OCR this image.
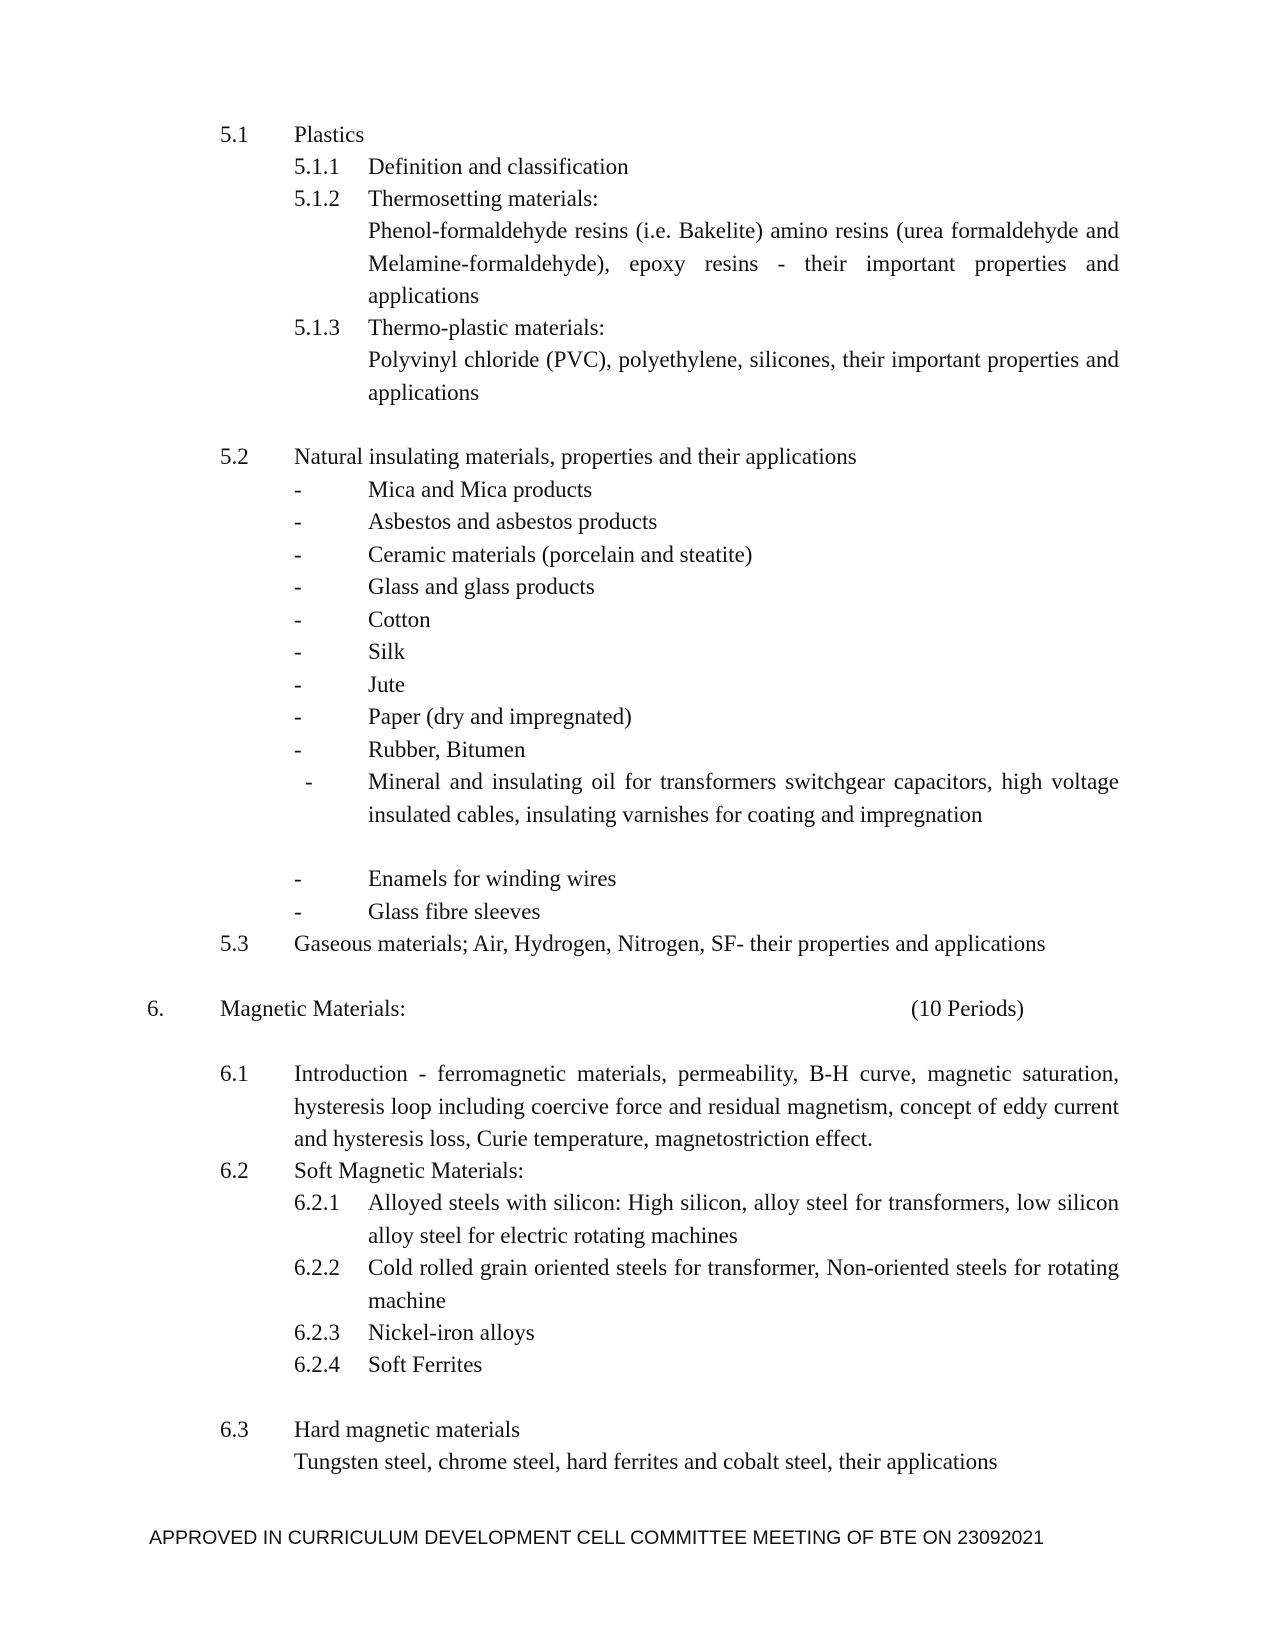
5.1 Plastics
5.1.1 Definition and classification
5.1.2 Thermosetting materials:
Phenol-formaldehyde resins (i.e. Bakelite) amino resins (urea formaldehyde and Melamine-formaldehyde), epoxy resins - their important properties and applications
5.1.3 Thermo-plastic materials:
Polyvinyl chloride (PVC), polyethylene, silicones, their important properties and applications
5.2 Natural insulating materials, properties and their applications
-	Mica and Mica products
-	Asbestos and asbestos products
-	Ceramic materials (porcelain and steatite)
-	Glass and glass products
-	Cotton
-	Silk
-	Jute
-	Paper (dry and impregnated)
-	Rubber, Bitumen
- Mineral and insulating oil for transformers switchgear capacitors, high voltage insulated cables, insulating varnishes for coating and impregnation
-	Enamels for winding wires
-	Glass fibre sleeves
5.3 Gaseous materials; Air, Hydrogen, Nitrogen, SF- their properties and applications
6. Magnetic Materials:	(10 Periods)
6.1 Introduction - ferromagnetic materials, permeability, B-H curve, magnetic saturation, hysteresis loop including coercive force and residual magnetism, concept of eddy current and hysteresis loss, Curie temperature, magnetostriction effect.
6.2 Soft Magnetic Materials:
6.2.1 Alloyed steels with silicon: High silicon, alloy steel for transformers, low silicon alloy steel for electric rotating machines
6.2.2 Cold rolled grain oriented steels for transformer, Non-oriented steels for rotating machine
6.2.3 Nickel-iron alloys
6.2.4 Soft Ferrites
6.3 Hard magnetic materials
Tungsten steel, chrome steel, hard ferrites and cobalt steel, their applications
APPROVED IN CURRICULUM DEVELOPMENT CELL COMMITTEE MEETING OF BTE ON 23092021
